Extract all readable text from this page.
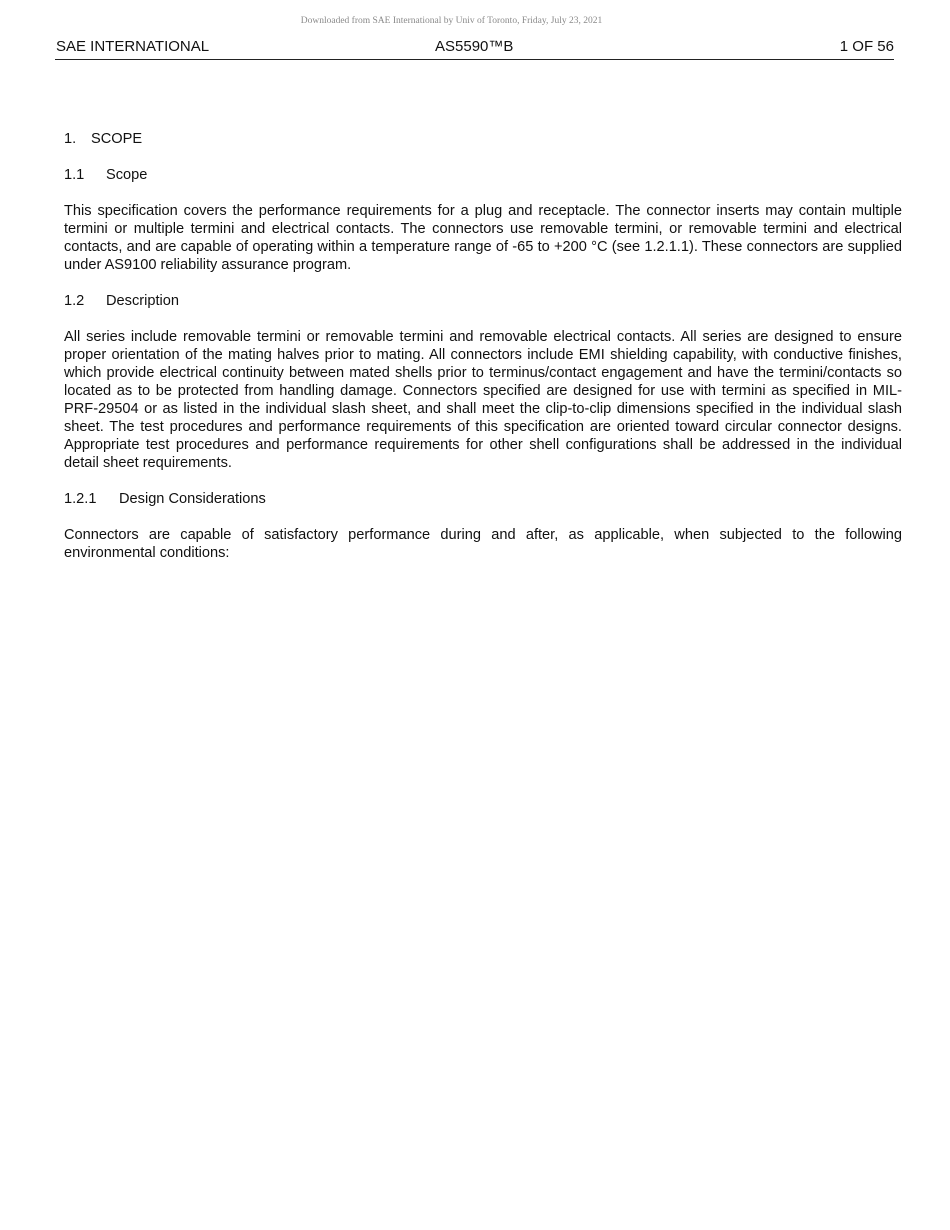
Downloaded from SAE International by Univ of Toronto, Friday, July 23, 2021
SAE INTERNATIONAL	AS5590™B	1 OF 56

1. SCOPE

1.1 Scope

This specification covers the performance requirements for a plug and receptacle. The connector inserts may contain multiple termini or multiple termini and electrical contacts. The connectors use removable termini, or removable termini and electrical contacts, and are capable of operating within a temperature range of -65 to +200 °C (see 1.2.1.1). These connectors are supplied under AS9100 reliability assurance program.

1.2 Description

All series include removable termini or removable termini and removable electrical contacts. All series are designed to ensure proper orientation of the mating halves prior to mating. All connectors include EMI shielding capability, with conductive finishes, which provide electrical continuity between mated shells prior to terminus/contact engagement and have the termini/contacts so located as to be protected from handling damage. Connectors specified are designed for use with termini as specified in MIL-PRF-29504 or as listed in the individual slash sheet, and shall meet the clip-to-clip dimensions specified in the individual slash sheet. The test procedures and performance requirements of this specification are oriented toward circular connector designs. Appropriate test procedures and performance requirements for other shell configurations shall be addressed in the individual detail sheet requirements.

1.2.1 Design Considerations

Connectors are capable of satisfactory performance during and after, as applicable, when subjected to the following environmental conditions:
